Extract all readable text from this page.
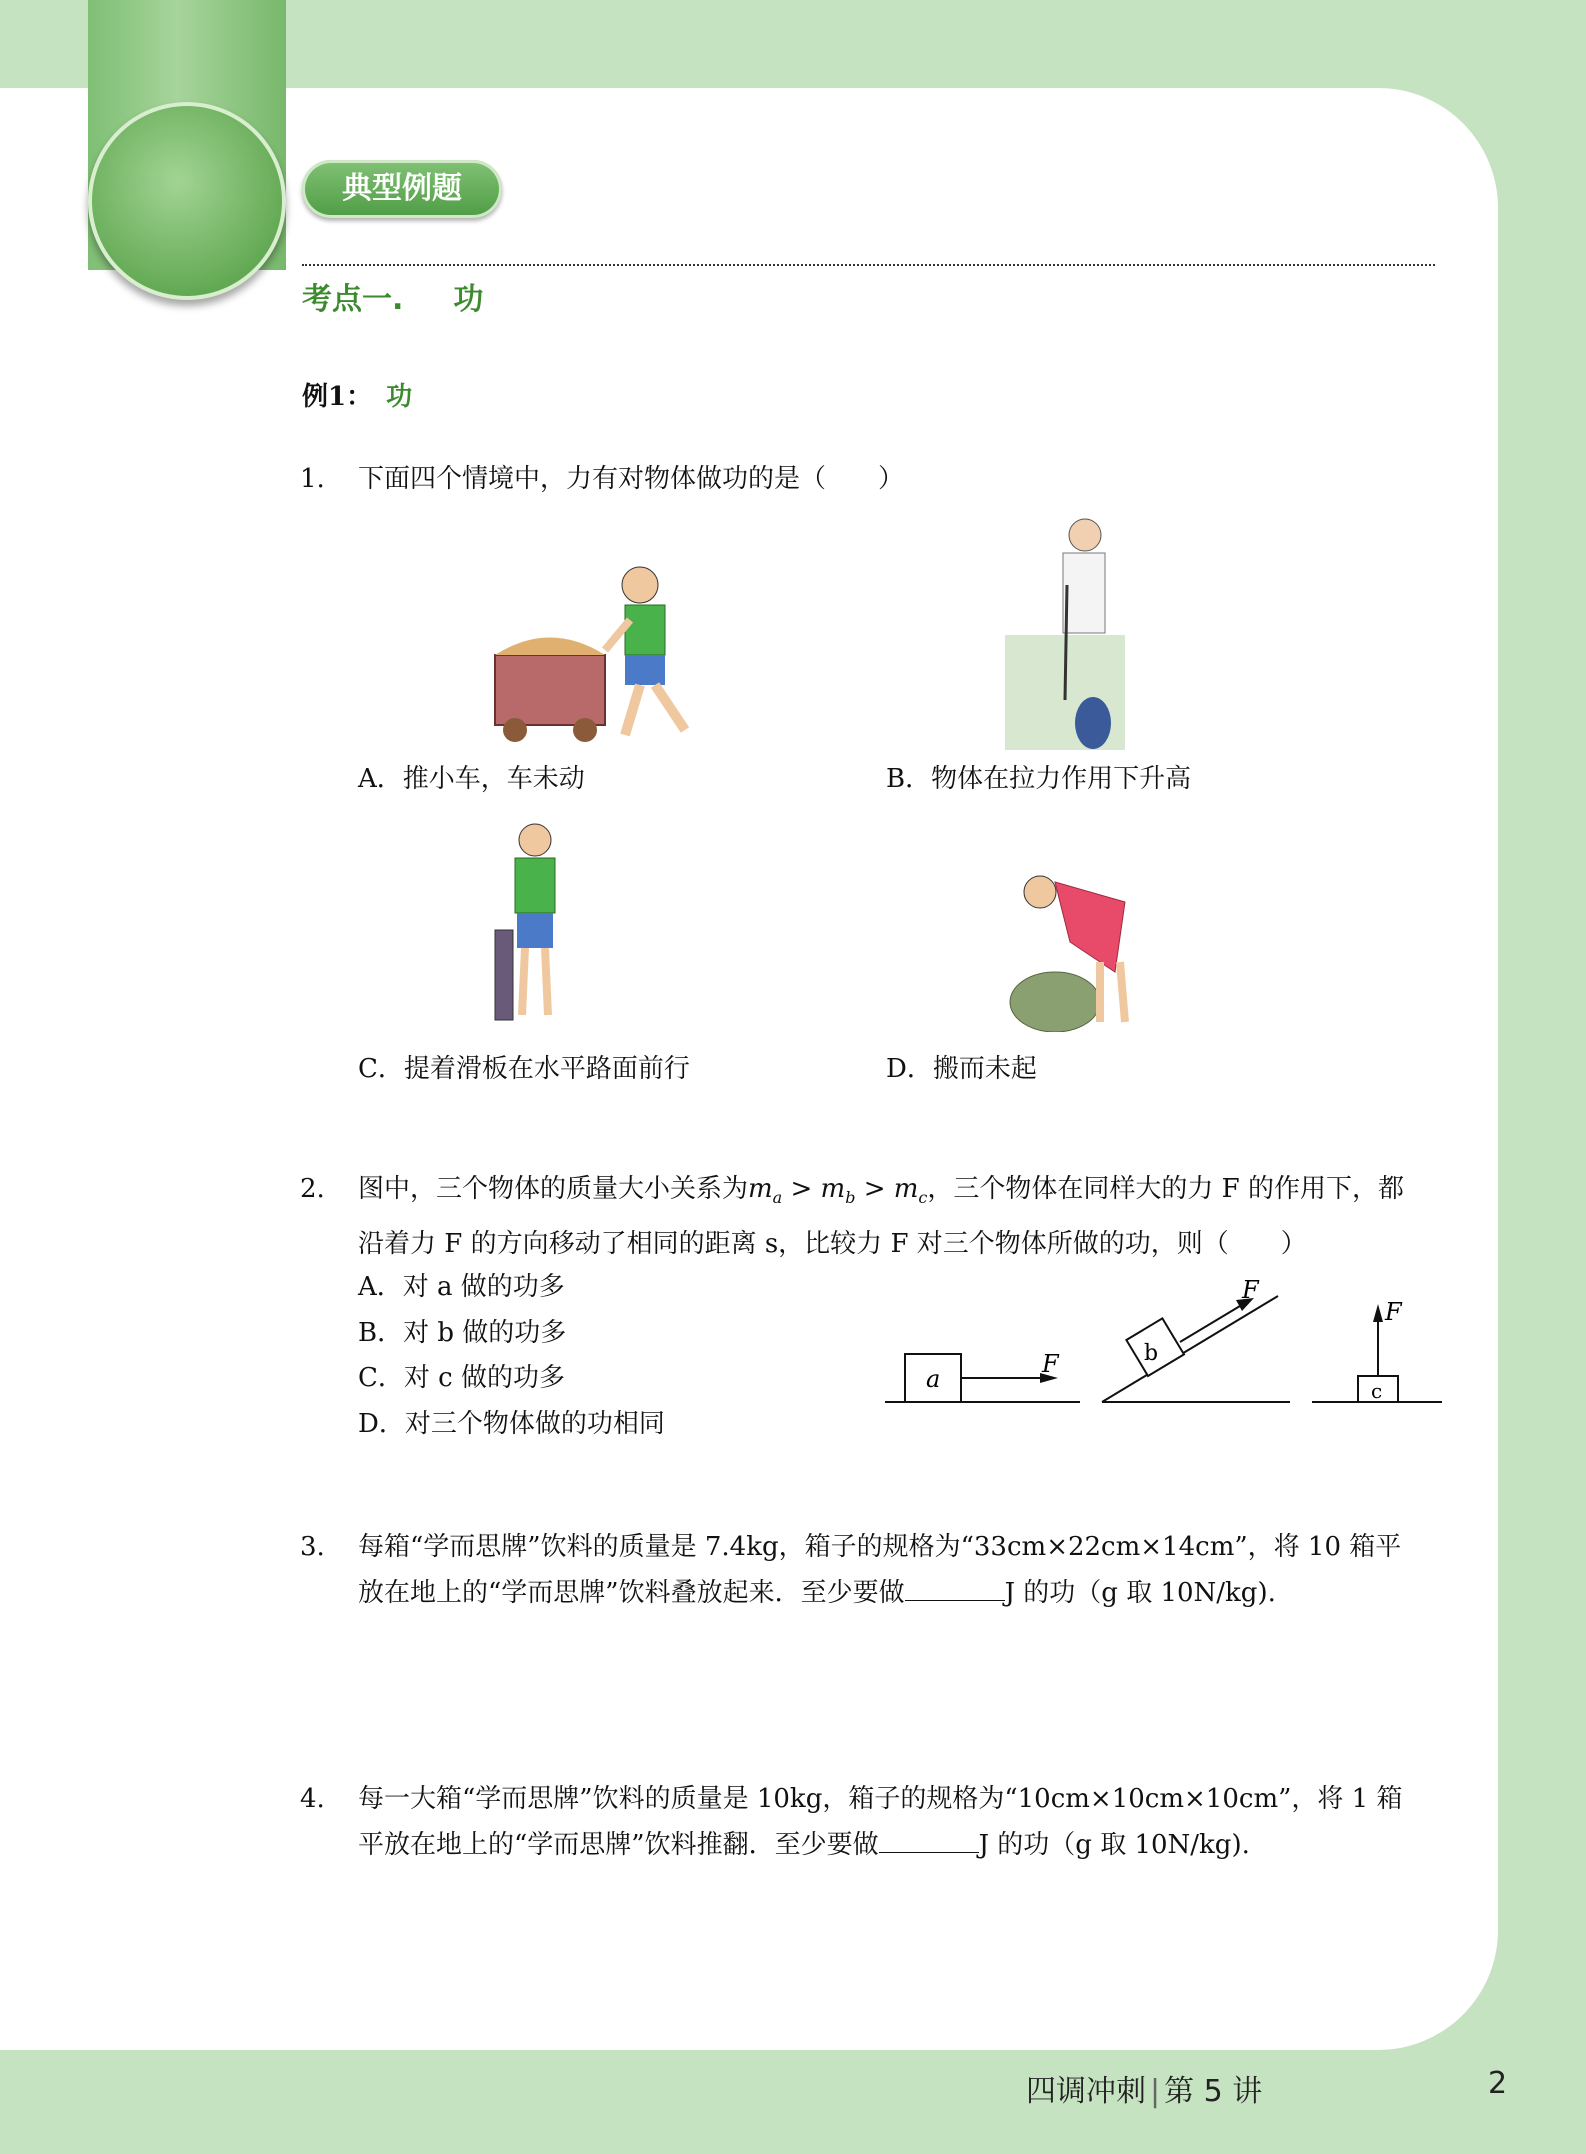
典型例题
考点一. 功
例1： 功
1. 下面四个情境中，力有对物体做功的是（　　）
A．推小车，车未动	B．物体在拉力作用下升高
C．提着滑板在水平路面前行	D．搬而未起
2. 图中，三个物体的质量大小关系为$m_a > m_b > m_c$，三个物体在同样大的力 F 的作用下，都
沿着力 F 的方向移动了相同的距离 s，比较力 F 对三个物体所做的功，则（　　）
A．对 a 做的功多
B．对 b 做的功多
C．对 c 做的功多
D．对三个物体做的功相同
a
F	b
F
c
F
3. 每箱“学而思牌”饮料的质量是 7.4kg，箱子的规格为“33cm×22cm×14cm”，将 10 箱平
放在地上的“学而思牌”饮料叠放起来．至少要做	J 的功（g 取 10N/kg).
4. 每一大箱“学而思牌”饮料的质量是 10kg，箱子的规格为“10cm×10cm×10cm”，将 1 箱
平放在地上的“学而思牌”饮料推翻．至少要做	J 的功（g 取 10N/kg).
四调冲刺 | 第 5 讲	2
